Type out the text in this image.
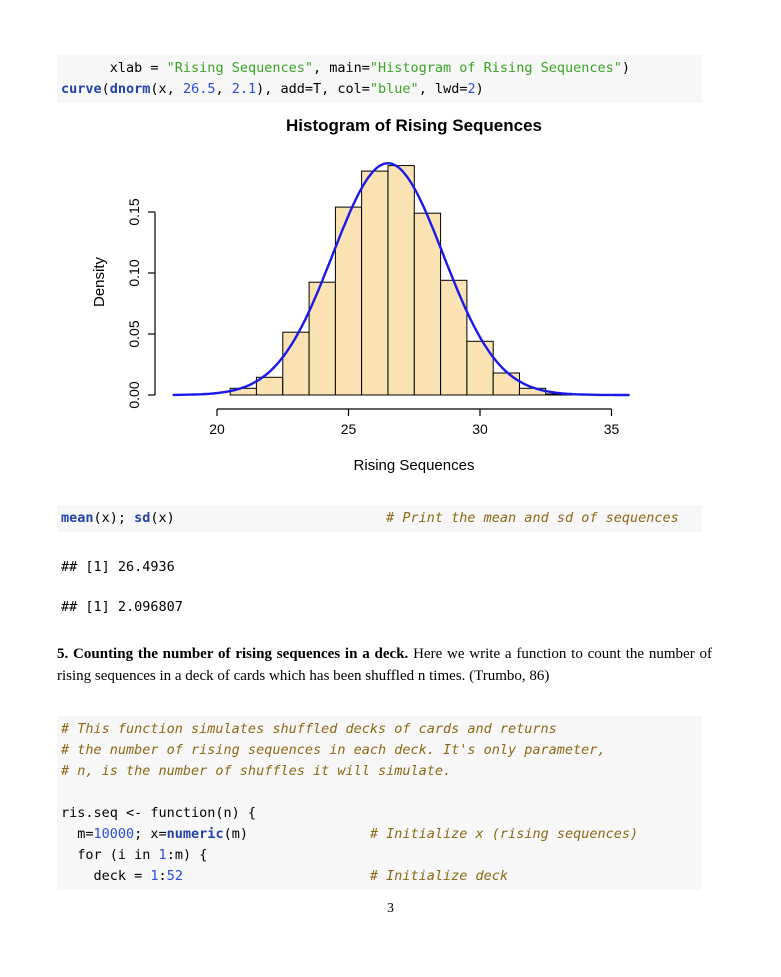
xlab = "Rising Sequences", main="Histogram of Rising Sequences")
curve(dnorm(x, 26.5, 2.1), add=T, col="blue", lwd=2)
Histogram of Rising Sequences
20	25	30	35
Rising Sequences
0.00
0.05
0.10
0.15
Density
mean(x); sd(x)	# Print the mean and sd of sequences
## [1] 26.4936
## [1] 2.096807

5. Counting the number of rising sequences in a deck. Here we write a function to count the number of rising sequences in a deck of cards which has been shuffled n times. (Trumbo, 86)

# This function simulates shuffled decks of cards and returns
# the number of rising sequences in each deck. It's only parameter,
# n, is the number of shuffles it will simulate.

ris.seq <- function(n) {
m=10000; x=numeric(m)	# Initialize x (rising sequences)
for (i in 1:m) {
deck = 1:52	# Initialize deck
3
